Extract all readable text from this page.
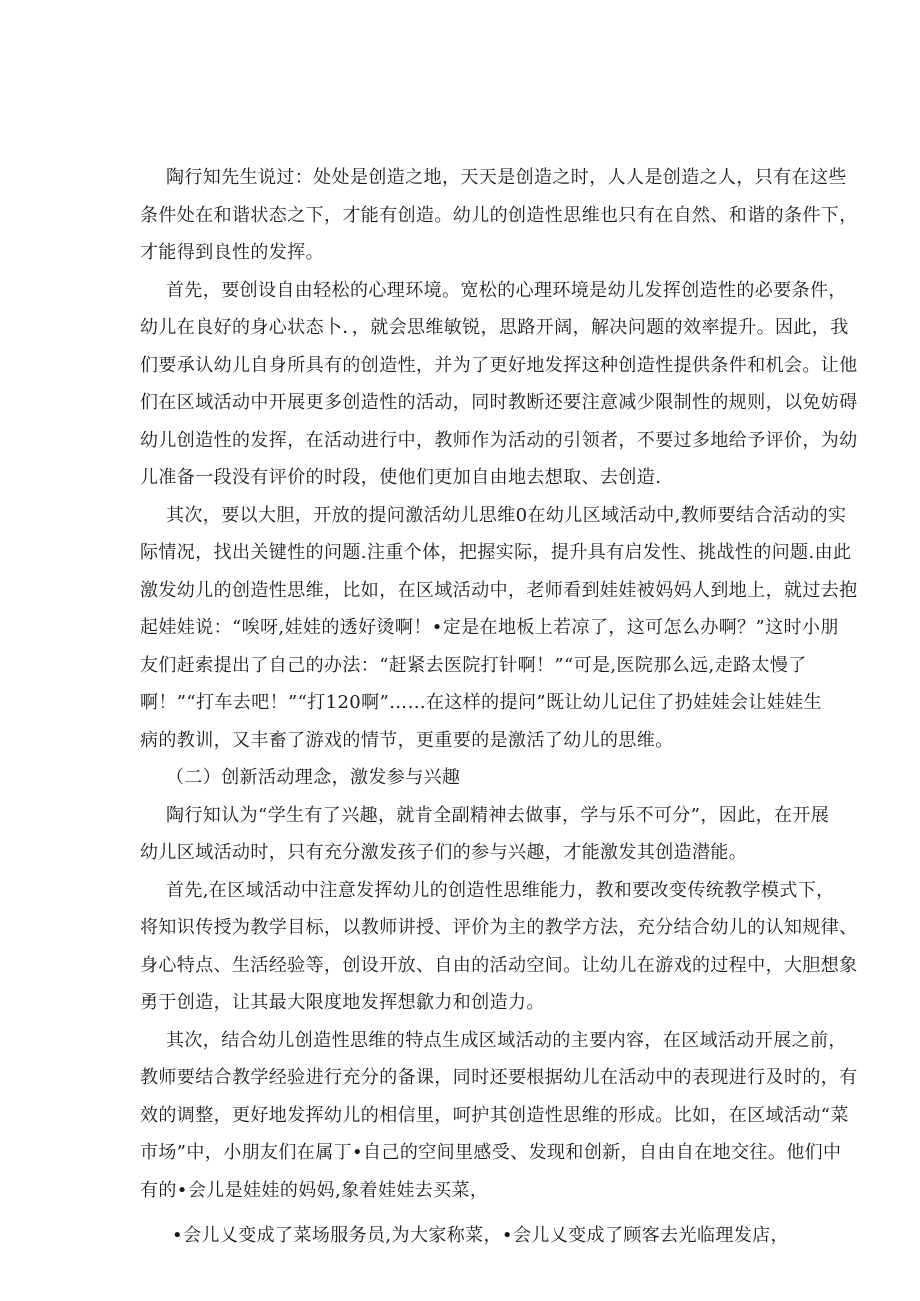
陶行知先生说过：处处是创造之地，天天是创造之时，人人是创造之人，只有在这些
条件处在和谐状态之下，才能有创造。幼儿的创造性思维也只有在自然、和谐的条件下，
才能得到良性的发挥。
首先，要创设自由轻松的心理环境。宽松的心理环境是幼儿发挥创造性的必要条件，
幼儿在良好的身心状态卜．，就会思维敏锐，思路开阔，解决问题的效率提升。因此，我
们要承认幼儿自身所具有的创造性，并为了更好地发挥这种创造性提供条件和机会。让他
们在区域活动中开展更多创造性的活动，同时教断还要注意减少限制性的规则，以免妨碍
幼儿创造性的发挥，在活动进行中，教师作为活动的引领者，不要过多地给予评价，为幼
儿准备一段没有评价的时段，使他们更加自由地去想取、去创造.
其次，要以大胆，开放的提问激活幼儿思维0在幼儿区域活动中,教师要结合活动的实
际情况，找出关键性的问题.注重个体，把握实际，提升具有启发性、挑战性的问题.由此
激发幼儿的创造性思维，比如，在区域活动中，老师看到娃娃被妈妈人到地上，就过去抱
起娃娃说：“唉呀,娃娃的透好烫啊！•定是在地板上若凉了，这可怎么办啊？”这时小朋
友们赶索提出了自己的办法：“赶紧去医院打针啊！”“可是,医院那么远,走路太慢了
啊！”“打车去吧！”“打120啊”……在这样的提问”既让幼儿记住了扔娃娃会让娃娃生
病的教训，又丰畜了游戏的情节，更重要的是激活了幼儿的思维。
（二）创新活动理念，激发参与兴趣
陶行知认为“学生有了兴趣，就肯全副精神去做事，学与乐不可分”，因此，在开展
幼儿区域活动时，只有充分激发孩子们的参与兴趣，才能激发其创造潜能。
首先,在区域活动中注意发挥幼儿的创造性思维能力，教和要改变传统教学模式下，
将知识传授为教学目标，以教师讲授、评价为主的教学方法，充分结合幼儿的认知规律、
身心特点、生活经验等，创设开放、自由的活动空间。让幼儿在游戏的过程中，大胆想象
勇于创造，让其最大限度地发挥想歙力和创造力。
其次，结合幼儿创造性思维的特点生成区域活动的主要内容，在区域活动开展之前，
教师要结合教学经验进行充分的备课，同时还要根据幼儿在活动中的表现进行及时的，有
效的调整，更好地发挥幼儿的相信里，呵护其创造性思维的形成。比如，在区域活动“菜
市场”中，小朋友们在属丁•自己的空间里感受、发现和创新，自由自在地交往。他们中
有的•会儿是娃娃的妈妈,象着娃娃去买菜，
•会儿乂变成了菜场服务员,为大家称菜，•会儿乂变成了顾客去光临理发店，
